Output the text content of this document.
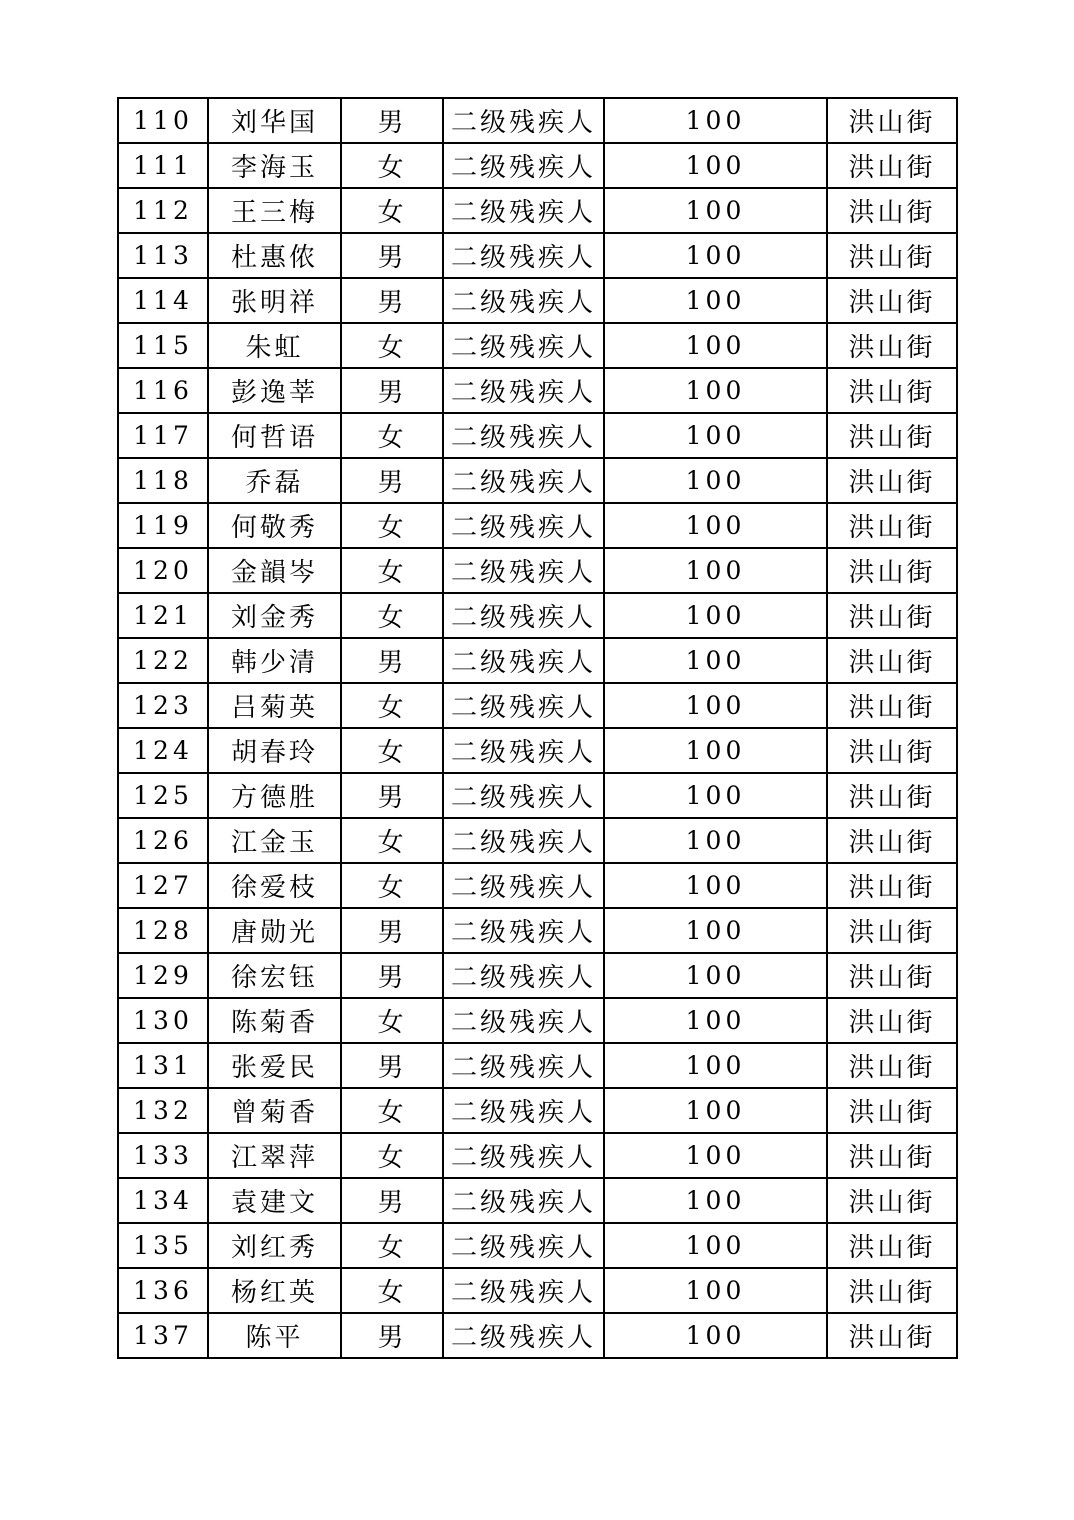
110	刘华国	男	二级残疾人	100	洪山街
111	李海玉	女	二级残疾人	100	洪山街
112	王三梅	女	二级残疾人	100	洪山街
113	杜惠侬	男	二级残疾人	100	洪山街
114	张明祥	男	二级残疾人	100	洪山街
115	朱虹	女	二级残疾人	100	洪山街
116	彭逸莘	男	二级残疾人	100	洪山街
117	何哲语	女	二级残疾人	100	洪山街
118	乔磊	男	二级残疾人	100	洪山街
119	何敬秀	女	二级残疾人	100	洪山街
120	金韻岑	女	二级残疾人	100	洪山街
121	刘金秀	女	二级残疾人	100	洪山街
122	韩少清	男	二级残疾人	100	洪山街
123	吕菊英	女	二级残疾人	100	洪山街
124	胡春玲	女	二级残疾人	100	洪山街
125	方德胜	男	二级残疾人	100	洪山街
126	江金玉	女	二级残疾人	100	洪山街
127	徐爱枝	女	二级残疾人	100	洪山街
128	唐勋光	男	二级残疾人	100	洪山街
129	徐宏钰	男	二级残疾人	100	洪山街
130	陈菊香	女	二级残疾人	100	洪山街
131	张爱民	男	二级残疾人	100	洪山街
132	曾菊香	女	二级残疾人	100	洪山街
133	江翠萍	女	二级残疾人	100	洪山街
134	袁建文	男	二级残疾人	100	洪山街
135	刘红秀	女	二级残疾人	100	洪山街
136	杨红英	女	二级残疾人	100	洪山街
137	陈平	男	二级残疾人	100	洪山街
